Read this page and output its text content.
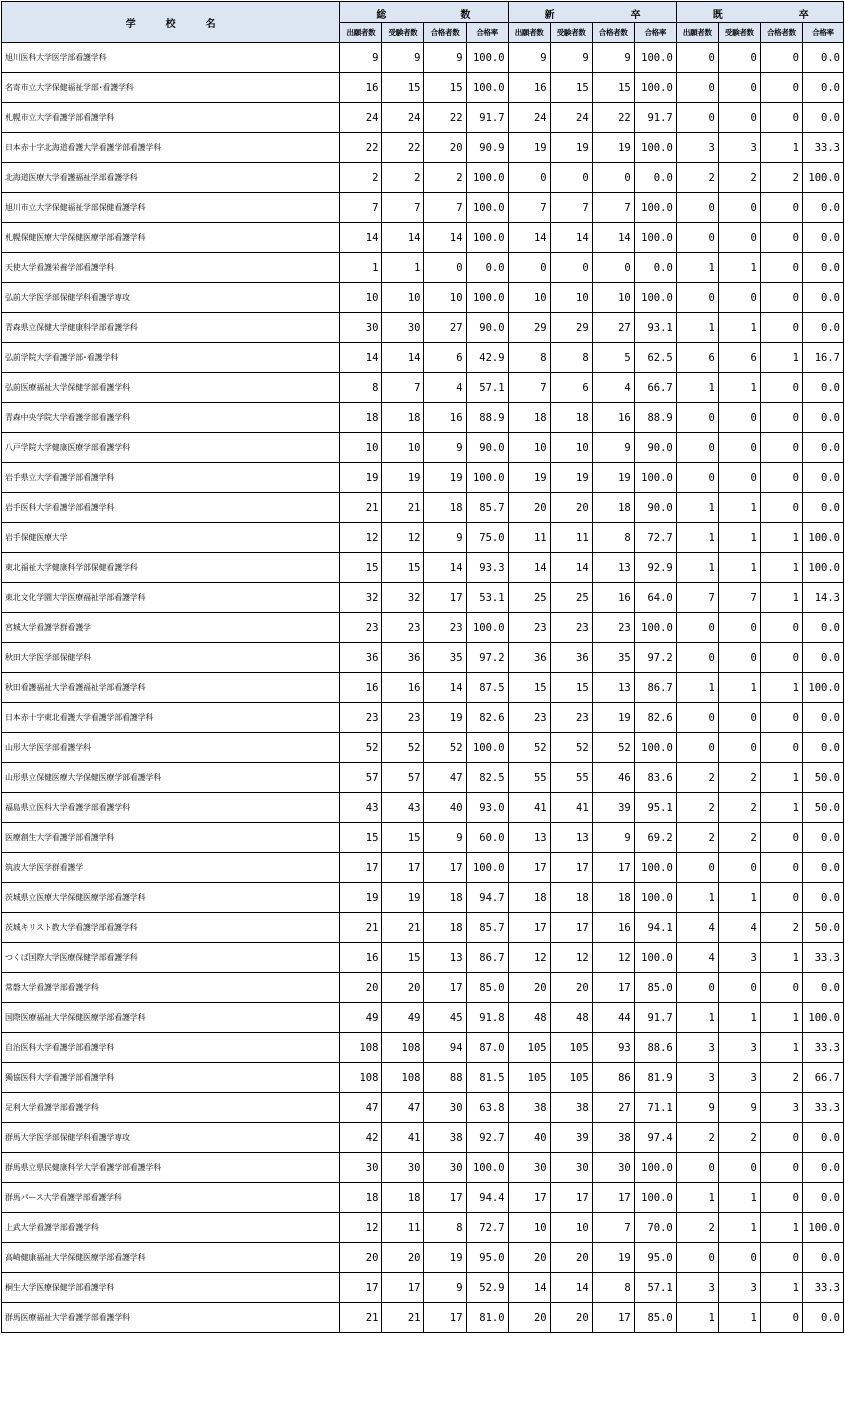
学　　　校　　　名	総 数				新 卒				既 卒			

	出願者数	受験者数	合格者数	合格率	出願者数	受験者数	合格者数	合格率	出願者数	受験者数	合格者数	合格率
旭川医科大学医学部看護学科	9	9	9	100.0	9	9	9	100.0	0	0	0	0.0
名寄市立大学保健福祉学部･看護学科	16	15	15	100.0	16	15	15	100.0	0	0	0	0.0
札幌市立大学看護学部看護学科	24	24	22	91.7	24	24	22	91.7	0	0	0	0.0
日本赤十字北海道看護大学看護学部看護学科	22	22	20	90.9	19	19	19	100.0	3	3	1	33.3
北海道医療大学看護福祉学部看護学科	2	2	2	100.0	0	0	0	0.0	2	2	2	100.0
旭川市立大学保健福祉学部保健看護学科	7	7	7	100.0	7	7	7	100.0	0	0	0	0.0
札幌保健医療大学保健医療学部看護学科	14	14	14	100.0	14	14	14	100.0	0	0	0	0.0
天使大学看護栄養学部看護学科	1	1	0	0.0	0	0	0	0.0	1	1	0	0.0
弘前大学医学部保健学科看護学専攻	10	10	10	100.0	10	10	10	100.0	0	0	0	0.0
青森県立保健大学健康科学部看護学科	30	30	27	90.0	29	29	27	93.1	1	1	0	0.0
弘前学院大学看護学部･看護学科	14	14	6	42.9	8	8	5	62.5	6	6	1	16.7
弘前医療福祉大学保健学部看護学科	8	7	4	57.1	7	6	4	66.7	1	1	0	0.0
青森中央学院大学看護学部看護学科	18	18	16	88.9	18	18	16	88.9	0	0	0	0.0
八戸学院大学健康医療学部看護学科	10	10	9	90.0	10	10	9	90.0	0	0	0	0.0
岩手県立大学看護学部看護学科	19	19	19	100.0	19	19	19	100.0	0	0	0	0.0
岩手医科大学看護学部看護学科	21	21	18	85.7	20	20	18	90.0	1	1	0	0.0
岩手保健医療大学	12	12	9	75.0	11	11	8	72.7	1	1	1	100.0
東北福祉大学健康科学部保健看護学科	15	15	14	93.3	14	14	13	92.9	1	1	1	100.0
東北文化学園大学医療福祉学部看護学科	32	32	17	53.1	25	25	16	64.0	7	7	1	14.3
宮城大学看護学群看護学	23	23	23	100.0	23	23	23	100.0	0	0	0	0.0
秋田大学医学部保健学科	36	36	35	97.2	36	36	35	97.2	0	0	0	0.0
秋田看護福祉大学看護福祉学部看護学科	16	16	14	87.5	15	15	13	86.7	1	1	1	100.0
日本赤十字東北看護大学看護学部看護学科	23	23	19	82.6	23	23	19	82.6	0	0	0	0.0
山形大学医学部看護学科	52	52	52	100.0	52	52	52	100.0	0	0	0	0.0
山形県立保健医療大学保健医療学部看護学科	57	57	47	82.5	55	55	46	83.6	2	2	1	50.0
福島県立医科大学看護学部看護学科	43	43	40	93.0	41	41	39	95.1	2	2	1	50.0
医療創生大学看護学部看護学科	15	15	9	60.0	13	13	9	69.2	2	2	0	0.0
筑波大学医学群看護学	17	17	17	100.0	17	17	17	100.0	0	0	0	0.0
茨城県立医療大学保健医療学部看護学科	19	19	18	94.7	18	18	18	100.0	1	1	0	0.0
茨城キリスト教大学看護学部看護学科	21	21	18	85.7	17	17	16	94.1	4	4	2	50.0
つくば国際大学医療保健学部看護学科	16	15	13	86.7	12	12	12	100.0	4	3	1	33.3
常磐大学看護学部看護学科	20	20	17	85.0	20	20	17	85.0	0	0	0	0.0
国際医療福祉大学保健医療学部看護学科	49	49	45	91.8	48	48	44	91.7	1	1	1	100.0
自治医科大学看護学部看護学科	108	108	94	87.0	105	105	93	88.6	3	3	1	33.3
獨協医科大学看護学部看護学科	108	108	88	81.5	105	105	86	81.9	3	3	2	66.7
足利大学看護学部看護学科	47	47	30	63.8	38	38	27	71.1	9	9	3	33.3
群馬大学医学部保健学科看護学専攻	42	41	38	92.7	40	39	38	97.4	2	2	0	0.0
群馬県立県民健康科学大学看護学部看護学科	30	30	30	100.0	30	30	30	100.0	0	0	0	0.0
群馬パース大学看護学部看護学科	18	18	17	94.4	17	17	17	100.0	1	1	0	0.0
上武大学看護学部看護学科	12	11	8	72.7	10	10	7	70.0	2	1	1	100.0
高崎健康福祉大学保健医療学部看護学科	20	20	19	95.0	20	20	19	95.0	0	0	0	0.0
桐生大学医療保健学部看護学科	17	17	9	52.9	14	14	8	57.1	3	3	1	33.3
群馬医療福祉大学看護学部看護学科	21	21	17	81.0	20	20	17	85.0	1	1	0	0.0
